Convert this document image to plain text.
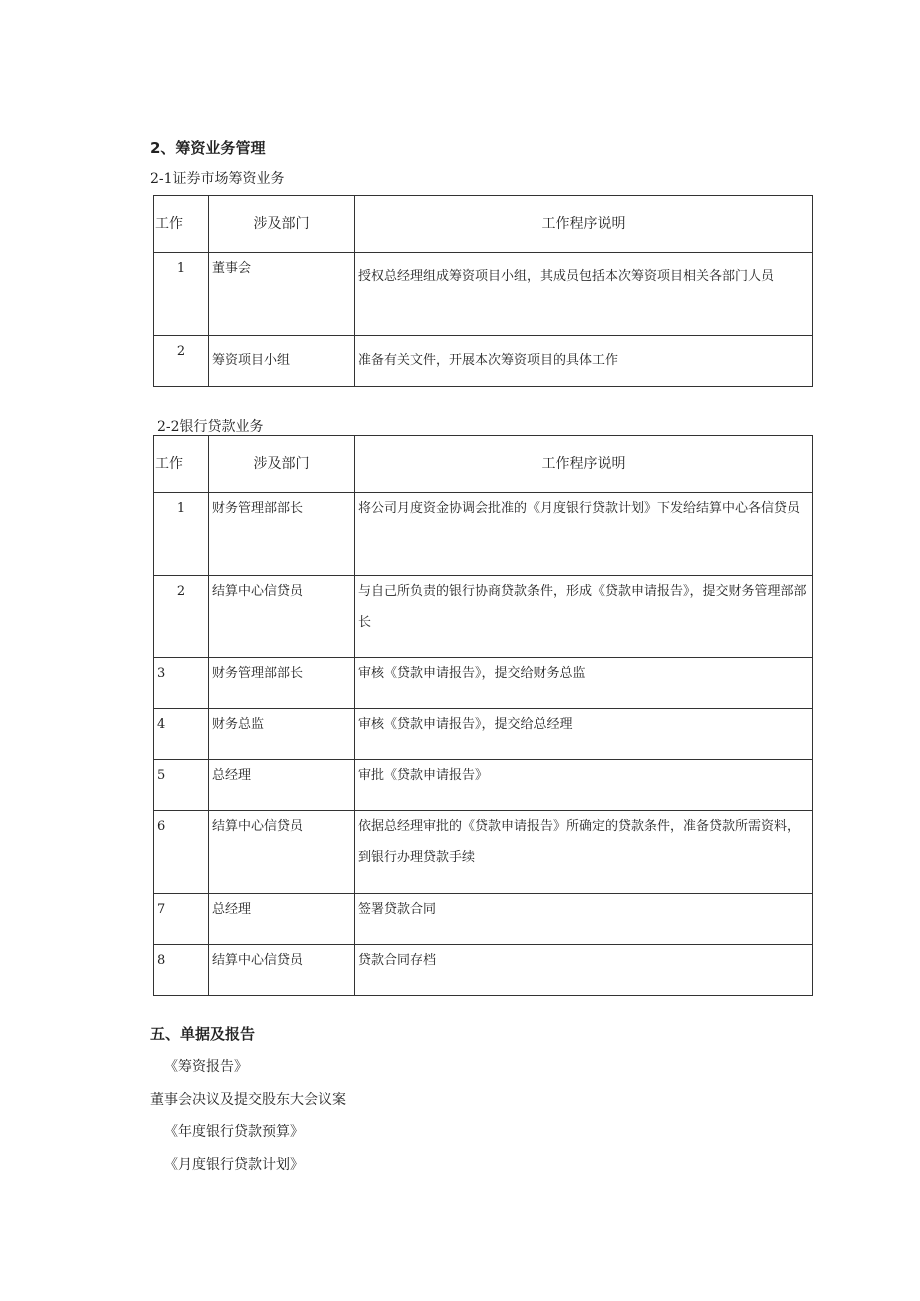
2、筹资业务管理
2-1证券市场筹资业务
工作	涉及部门	工作程序说明
1	董事会	授权总经理组成筹资项目小组，其成员包括本次筹资项目相关各部门人员
2	筹资项目小组	准备有关文件，开展本次筹资项目的具体工作
2-2银行贷款业务
工作	涉及部门	工作程序说明
1	财务管理部部长	将公司月度资金协调会批准的《月度银行贷款计划》下发给结算中心各信贷员
2	结算中心信贷员	与自己所负责的银行协商贷款条件，形成《贷款申请报告》，提交财务管理部部长
3	财务管理部部长	审核《贷款申请报告》，提交给财务总监
4	财务总监	审核《贷款申请报告》，提交给总经理
5	总经理	审批《贷款申请报告》
6	结算中心信贷员	依据总经理审批的《贷款申请报告》所确定的贷款条件，准备贷款所需资料，到银行办理贷款手续
7	总经理	签署贷款合同
8	结算中心信贷员	贷款合同存档
五、单据及报告
《筹资报告》
董事会决议及提交股东大会议案
《年度银行贷款预算》
《月度银行贷款计划》
